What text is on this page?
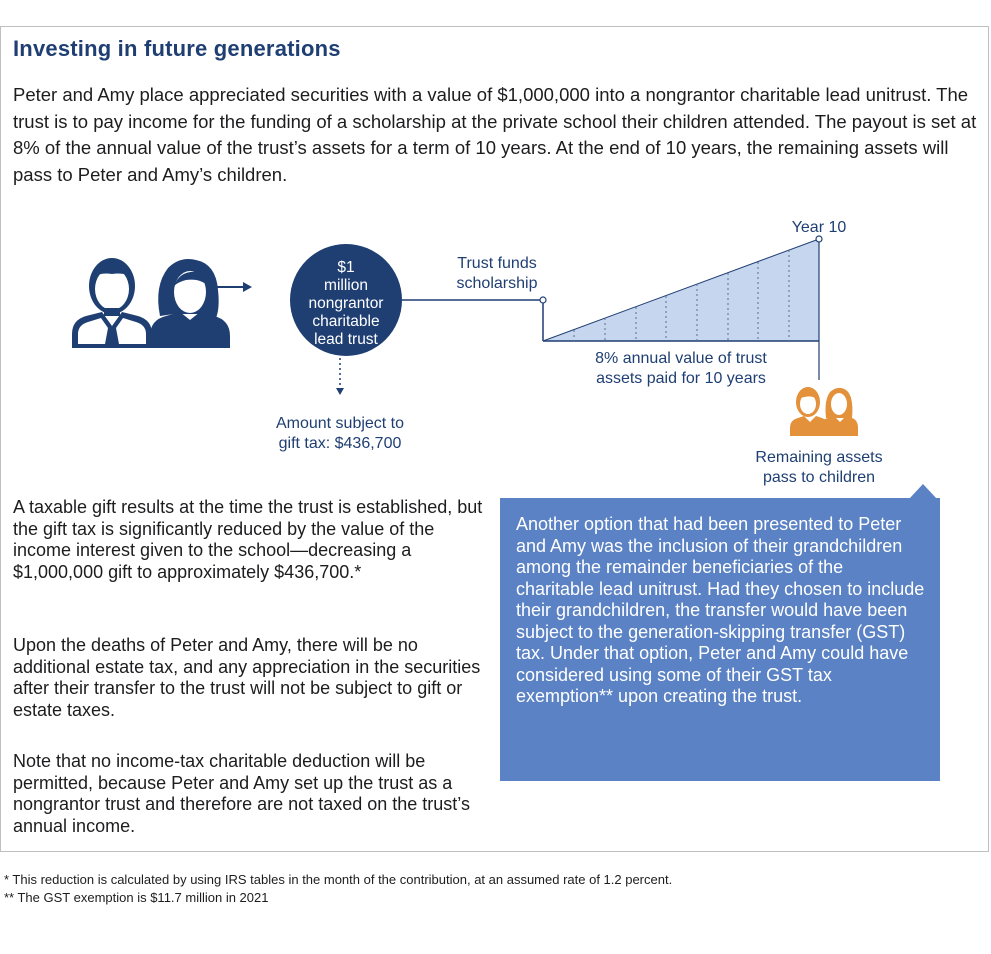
Investing in future generations
Peter and Amy place appreciated securities with a value of $1,000,000 into a nongrantor charitable lead unitrust. The trust is to pay income for the funding of a scholarship at the private school their children attended. The payout is set at 8% of the annual value of the trust’s assets for a term of 10 years. At the end of 10 years, the remaining assets will pass to Peter and Amy’s children.
$1
million
nongrantor
charitable
lead trust
Amount subject to
gift tax: $436,700
Trust funds
scholarship
Year 10
8% annual value of trust
assets paid for 10 years
Remaining assets
pass to children
A taxable gift results at the time the trust is established, but the gift tax is significantly reduced by the value of the income interest given to the school—decreasing a $1,000,000 gift to approximately $436,700.*
Upon the deaths of Peter and Amy, there will be no additional estate tax, and any appreciation in the securities after their transfer to the trust will not be subject to gift or estate taxes.
Note that no income-tax charitable deduction will be permitted, because Peter and Amy set up the trust as a nongrantor trust and therefore are not taxed on the trust’s annual income.
Another option that had been presented to Peter and Amy was the inclusion of their grandchildren among the remainder beneficiaries of the charitable lead unitrust. Had they chosen to include their grandchildren, the transfer would have been subject to the generation-skipping transfer (GST) tax. Under that option, Peter and Amy could have considered using some of their GST tax exemption** upon creating the trust.
* This reduction is calculated by using IRS tables in the month of the contribution, at an assumed rate of 1.2 percent.
** The GST exemption is $11.7 million in 2021
